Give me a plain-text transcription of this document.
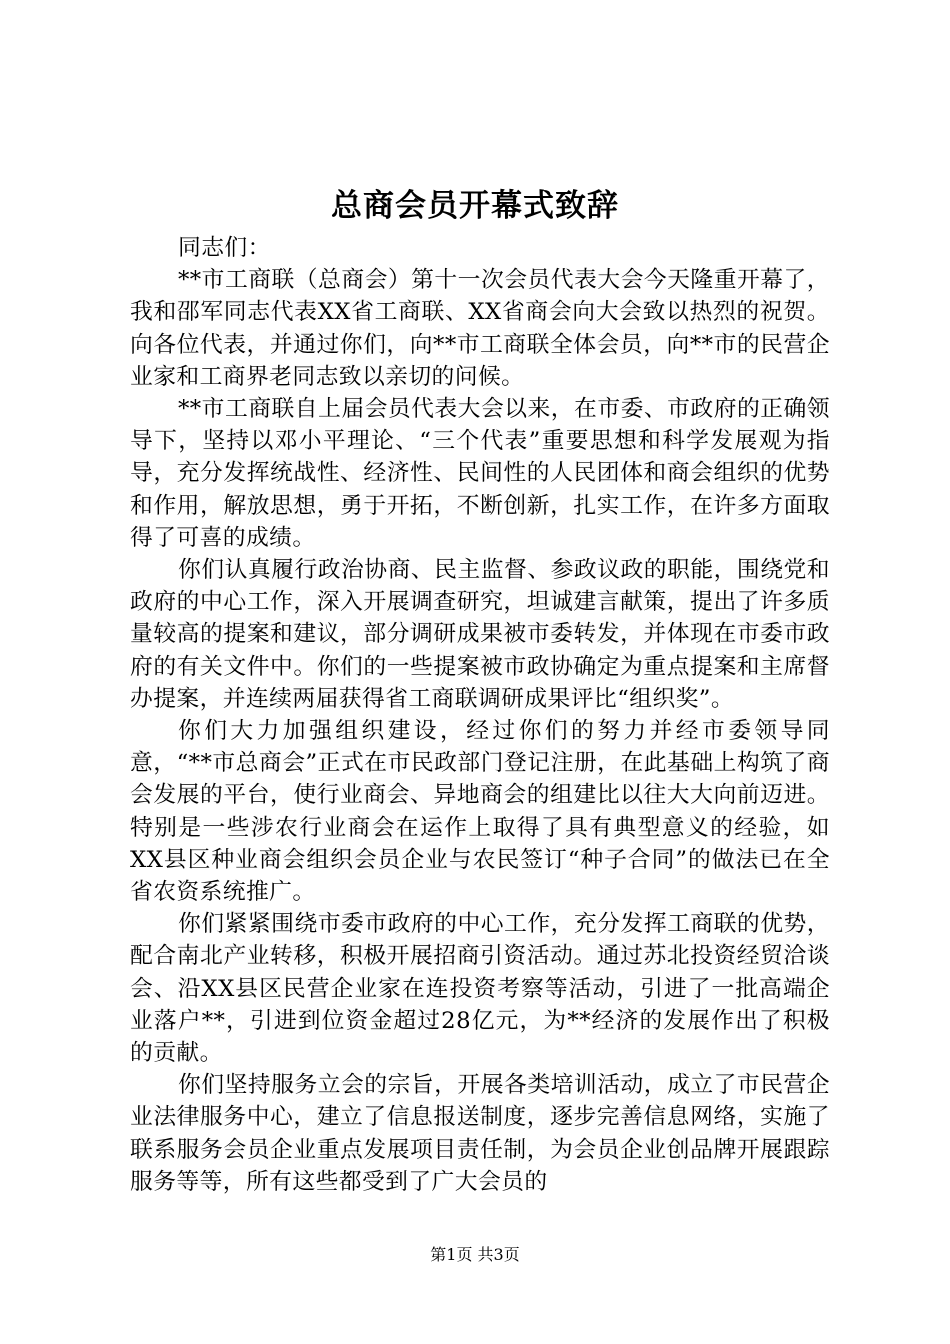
总商会员开幕式致辞

同志们：

**市工商联（总商会）第十一次会员代表大会今天隆重开幕了，我和邵军同志代表XX省工商联、XX省商会向大会致以热烈的祝贺。向各位代表，并通过你们，向**市工商联全体会员，向**市的民营企业家和工商界老同志致以亲切的问候。

**市工商联自上届会员代表大会以来，在市委、市政府的正确领导下，坚持以邓小平理论、“三个代表”重要思想和科学发展观为指导，充分发挥统战性、经济性、民间性的人民团体和商会组织的优势和作用，解放思想，勇于开拓，不断创新，扎实工作，在许多方面取得了可喜的成绩。

你们认真履行政治协商、民主监督、参政议政的职能，围绕党和政府的中心工作，深入开展调查研究，坦诚建言献策，提出了许多质量较高的提案和建议，部分调研成果被市委转发，并体现在市委市政府的有关文件中。你们的一些提案被市政协确定为重点提案和主席督办提案，并连续两届获得省工商联调研成果评比“组织奖”。

你们大力加强组织建设，经过你们的努力并经市委领导同意，“**市总商会”正式在市民政部门登记注册，在此基础上构筑了商会发展的平台，使行业商会、异地商会的组建比以往大大向前迈进。特别是一些涉农行业商会在运作上取得了具有典型意义的经验，如XX县区种业商会组织会员企业与农民签订“种子合同”的做法已在全省农资系统推广。

你们紧紧围绕市委市政府的中心工作，充分发挥工商联的优势，配合南北产业转移，积极开展招商引资活动。通过苏北投资经贸洽谈会、沿XX县区民营企业家在连投资考察等活动，引进了一批高端企业落户**，引进到位资金超过28亿元，为**经济的发展作出了积极的贡献。

你们坚持服务立会的宗旨，开展各类培训活动，成立了市民营企业法律服务中心，建立了信息报送制度，逐步完善信息网络，实施了联系服务会员企业重点发展项目责任制，为会员企业创品牌开展跟踪服务等等，所有这些都受到了广大会员的

第1页 共3页
